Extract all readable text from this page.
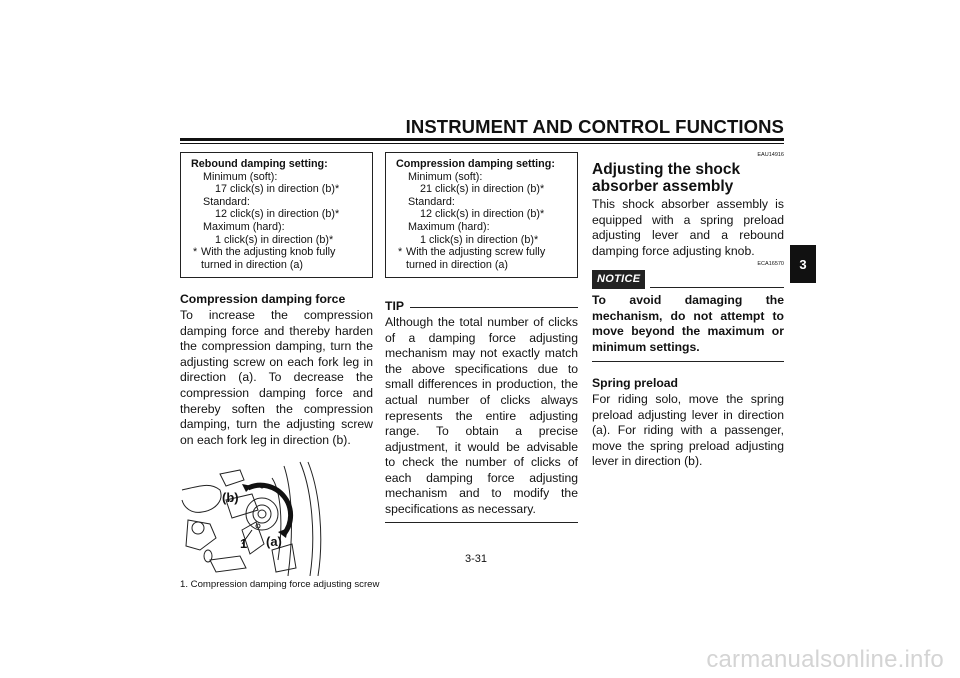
INSTRUMENT AND CONTROL FUNCTIONS
3
Rebound damping setting:
Minimum (soft):
17 click(s) in direction (b)*
Standard:
12 click(s) in direction (b)*
Maximum (hard):
1 click(s) in direction (b)*
* With the adjusting knob fully turned in direction (a)
Compression damping force
To increase the compression damping force and thereby harden the compression damping, turn the adjusting screw on each fork leg in direction (a). To decrease the compression damping force and thereby soften the compression damping, turn the adjusting screw on each fork leg in direction (b).
(b)
(a)
1
1. Compression damping force adjusting screw
Compression damping setting:
Minimum (soft):
21 click(s) in direction (b)*
Standard:
12 click(s) in direction (b)*
Maximum (hard):
1 click(s) in direction (b)*
* With the adjusting screw fully turned in direction (a)
TIP
Although the total number of clicks of a damping force adjusting mechanism may not exactly match the above specifications due to small differences in production, the actual number of clicks always represents the entire adjusting range. To obtain a precise adjustment, it would be advisable to check the number of clicks of each damping force adjusting mechanism and to modify the specifications as necessary.
EAU14916
Adjusting the shock absorber assembly
This shock absorber assembly is equipped with a spring preload adjusting lever and a rebound damping force adjusting knob.
ECA16570
NOTICE
To avoid damaging the mechanism, do not attempt to move beyond the maximum or minimum settings.
Spring preload
For riding solo, move the spring preload adjusting lever in direction (a). For riding with a passenger, move the spring preload adjusting lever in direction (b).
3-31
carmanualsonline.info
